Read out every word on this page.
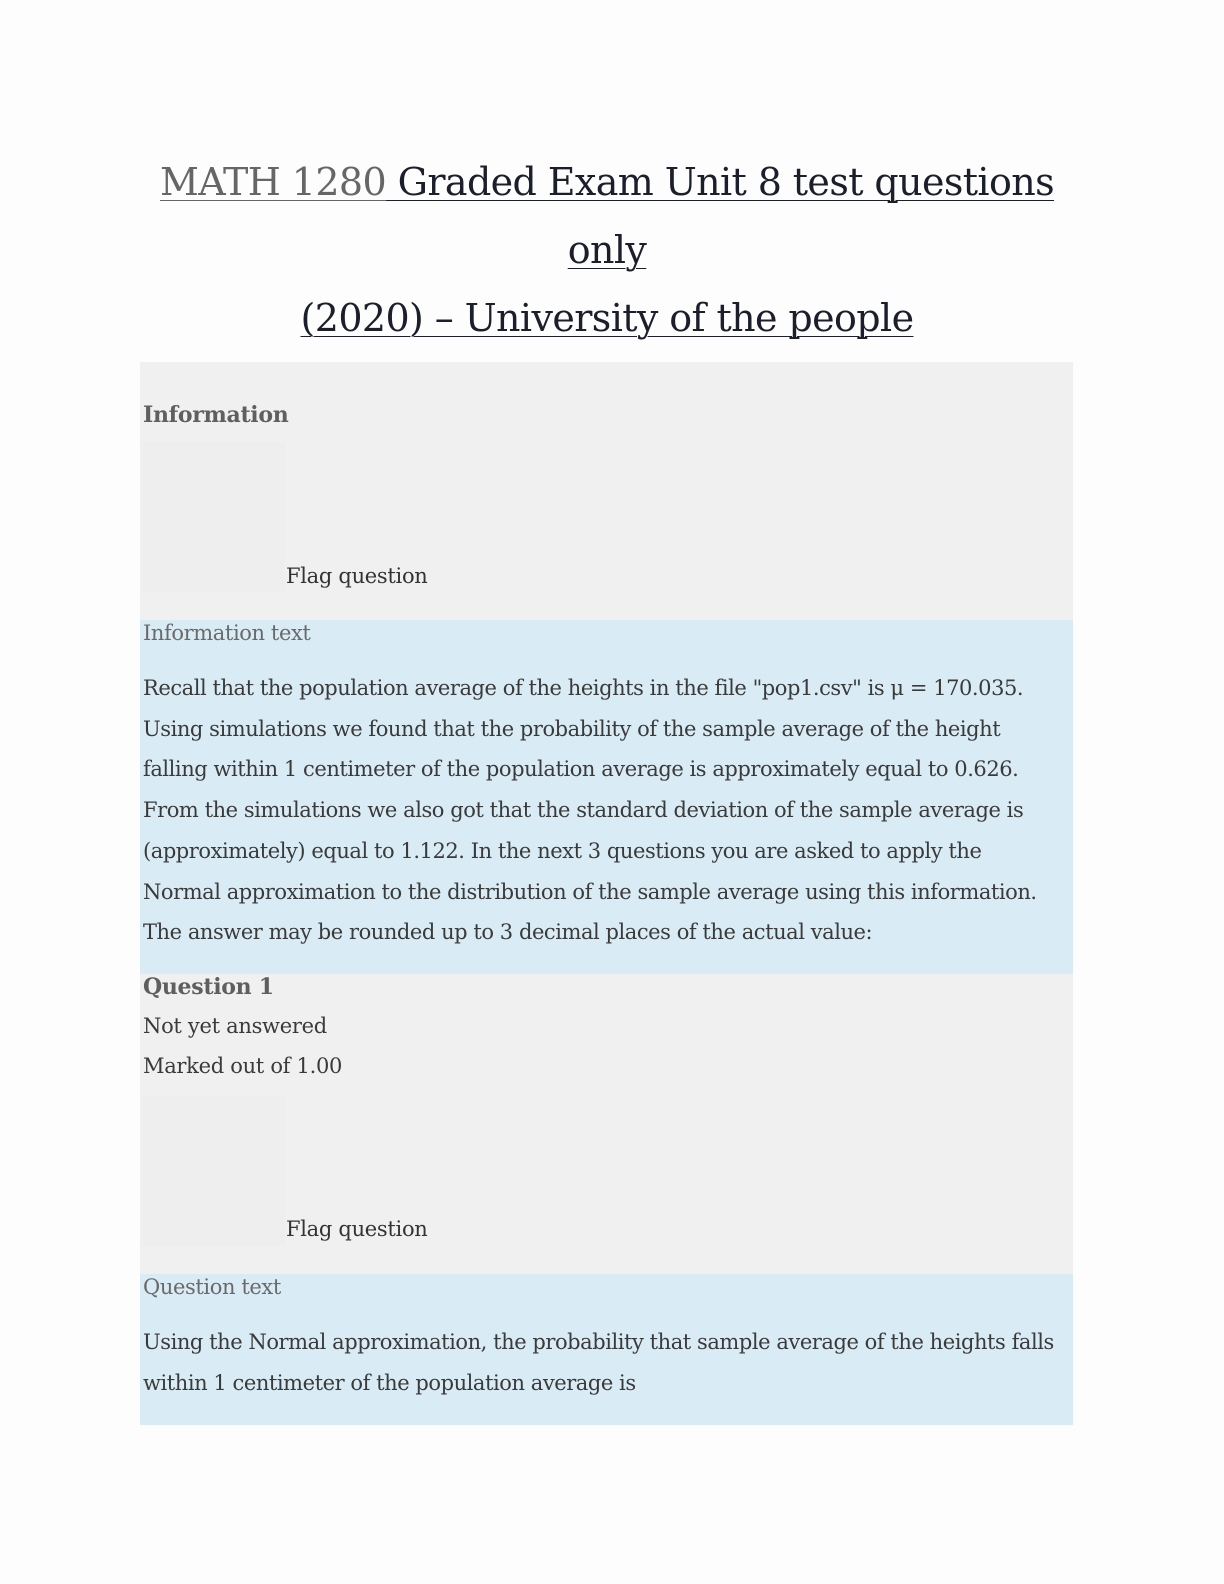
MATH 1280 Graded Exam Unit 8 test questions only
(2020) – University of the people
Information
Flag question
Information text
Recall that the population average of the heights in the file "pop1.csv" is μ = 170.035. Using simulations we found that the probability of the sample average of the height falling within 1 centimeter of the population average is approximately equal to 0.626. From the simulations we also got that the standard deviation of the sample average is (approximately) equal to 1.122. In the next 3 questions you are asked to apply the Normal approximation to the distribution of the sample average using this information. The answer may be rounded up to 3 decimal places of the actual value:
Question 1
Not yet answered
Marked out of 1.00
Flag question
Question text
Using the Normal approximation, the probability that sample average of the heights falls within 1 centimeter of the population average is
